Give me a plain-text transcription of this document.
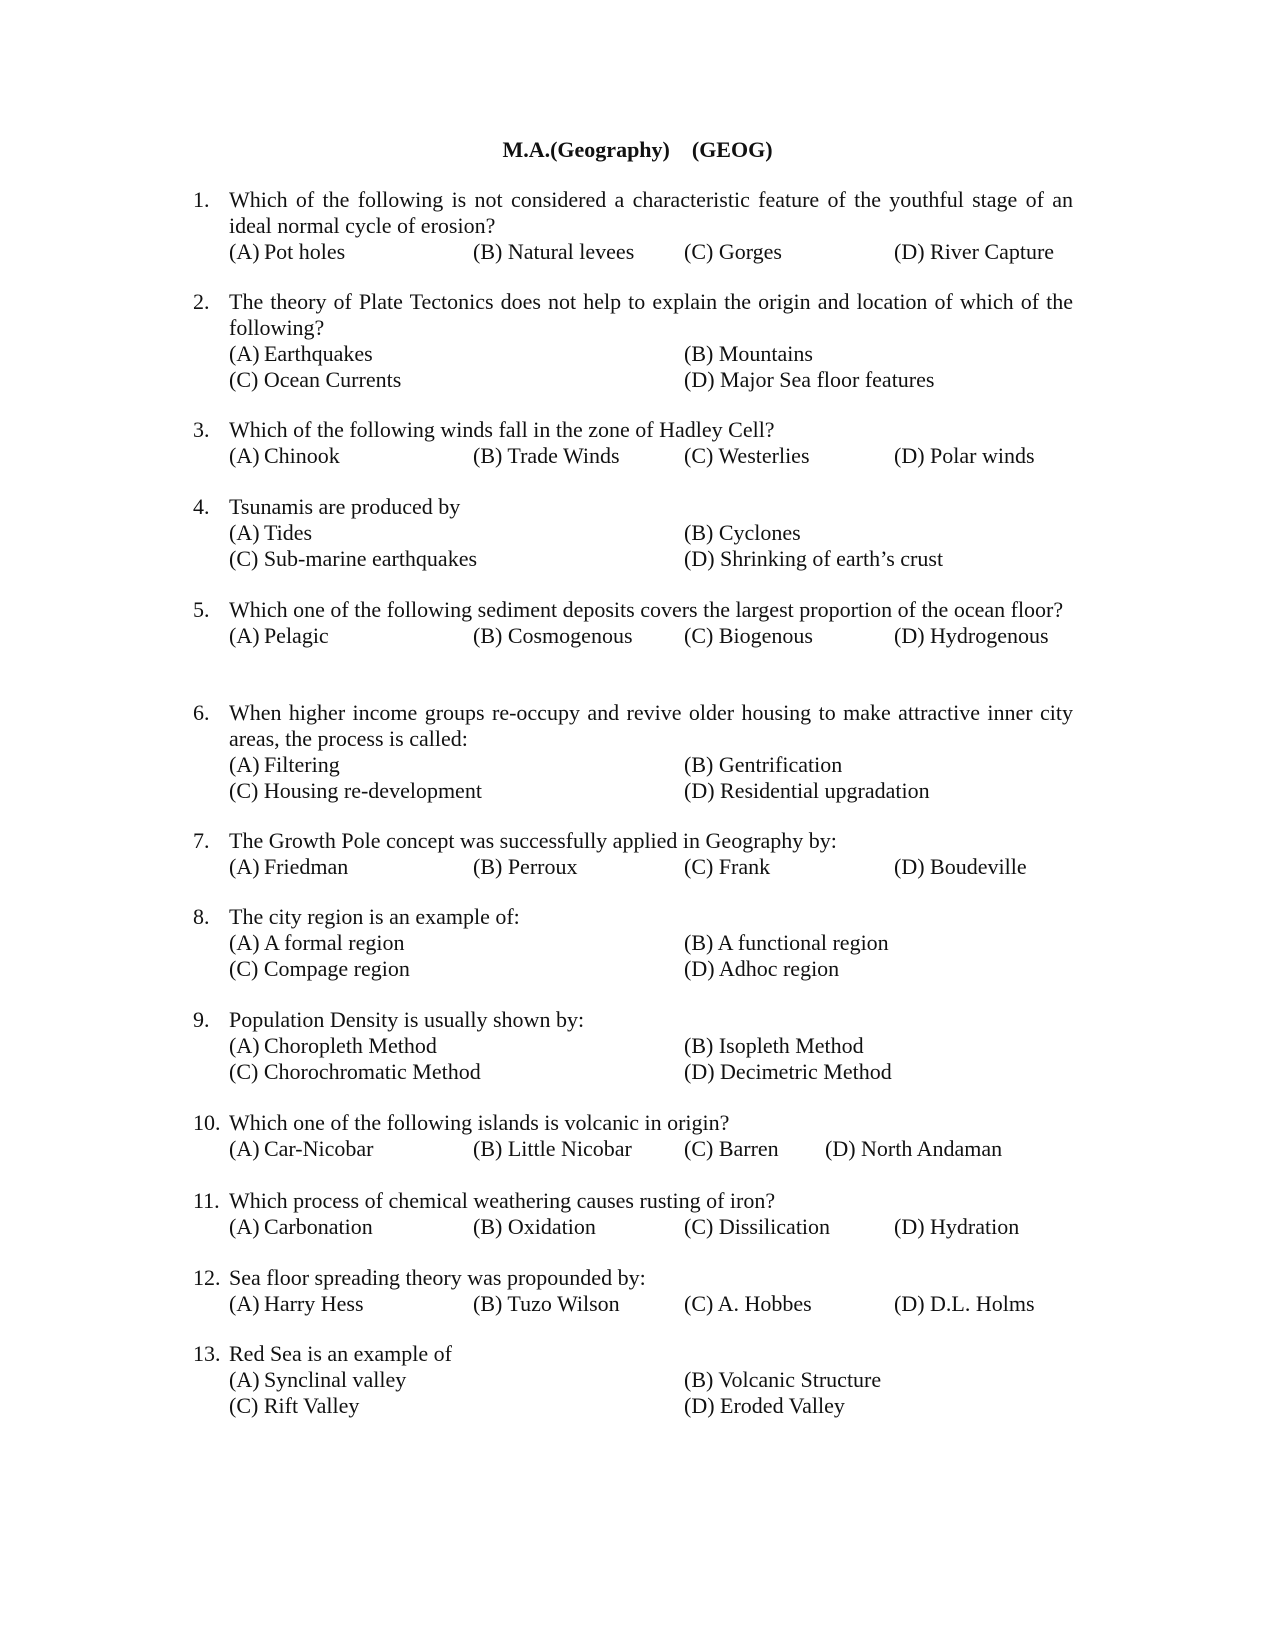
M.A.(Geography)    (GEOG)
1. Which of the following is not considered a characteristic feature of the youthful stage of an ideal normal cycle of erosion?
(A) Pot holes	(B) Natural levees (C) Gorges	(D) River Capture
2. The theory of Plate Tectonics does not help to explain the origin and location of which of the following?
(A) Earthquakes	(B) Mountains
(C) Ocean Currents	(D) Major Sea floor features
3. Which of the following winds fall in the zone of Hadley Cell?
(A) Chinook	(B) Trade Winds	(C) Westerlies	(D) Polar winds
4. Tsunamis are produced by
(A) Tides	(B) Cyclones
(C) Sub-marine earthquakes	(D) Shrinking of earth’s crust
5. Which one of the following sediment deposits covers the largest proportion of the ocean floor?
(A) Pelagic	(B) Cosmogenous (C) Biogenous	(D) Hydrogenous
6. When higher income groups re-occupy and revive older housing to make attractive inner city areas, the process is called:
(A) Filtering	(B) Gentrification
(C) Housing re-development	(D) Residential upgradation
7. The Growth Pole concept was successfully applied in Geography by:
(A) Friedman	(B) Perroux	(C) Frank	(D) Boudeville
8. The city region is an example of:
(A) A formal region	(B) A functional region
(C) Compage region	(D) Adhoc region
9. Population Density is usually shown by:
(A) Choropleth Method	(B) Isopleth Method
(C) Chorochromatic Method	(D) Decimetric Method
10. Which one of the following islands is volcanic in origin?
(A) Car-Nicobar	(B) Little Nicobar (C) Barren (D) North Andaman
11. Which process of chemical weathering causes rusting of iron?
(A) Carbonation	(B) Oxidation	(C) Dissilication	(D) Hydration
12. Sea floor spreading theory was propounded by:
(A) Harry Hess	(B) Tuzo Wilson	(C) A. Hobbes	(D) D.L. Holms
13. Red Sea is an example of
(A) Synclinal valley	(B) Volcanic Structure
(C) Rift Valley	(D) Eroded Valley
